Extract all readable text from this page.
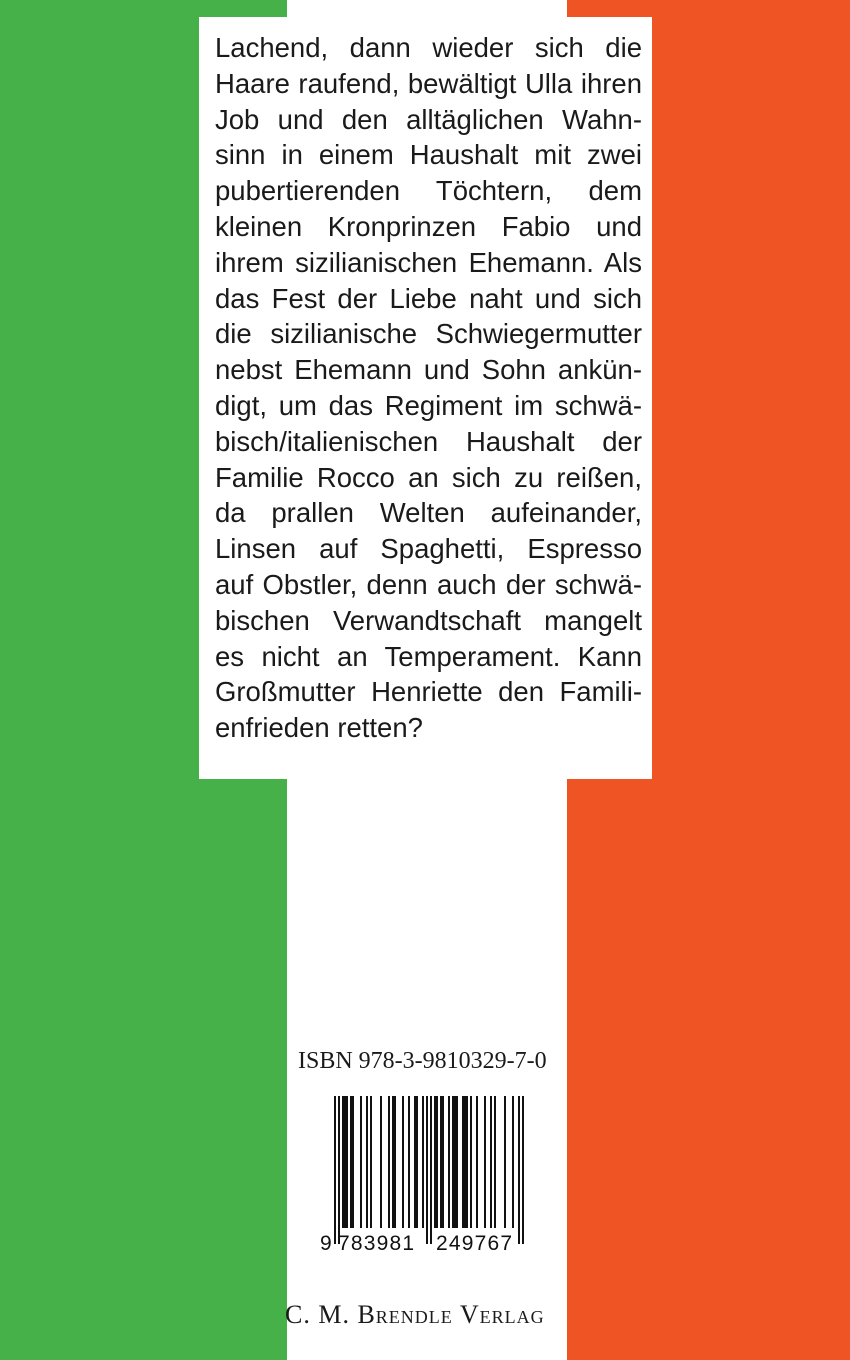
Lachend, dann wieder sich die
Haare raufend, bewältigt Ulla ihren
Job und den alltäglichen Wahn-
sinn in einem Haushalt mit zwei
pubertierenden Töchtern, dem
kleinen Kronprinzen Fabio und
ihrem sizilianischen Ehemann. Als
das Fest der Liebe naht und sich
die sizilianische Schwiegermutter
nebst Ehemann und Sohn ankün-
digt, um das Regiment im schwä-
bisch/italienischen Haushalt der
Familie Rocco an sich zu reißen,
da prallen Welten aufeinander,
Linsen auf Spaghetti, Espresso
auf Obstler, denn auch der schwä-
bischen Verwandtschaft mangelt
es nicht an Temperament. Kann
Großmutter Henriette den Famili-
enfrieden retten?
ISBN 978-3-9810329-7-0
9 783981 249767
C. M. Brendle Verlag
